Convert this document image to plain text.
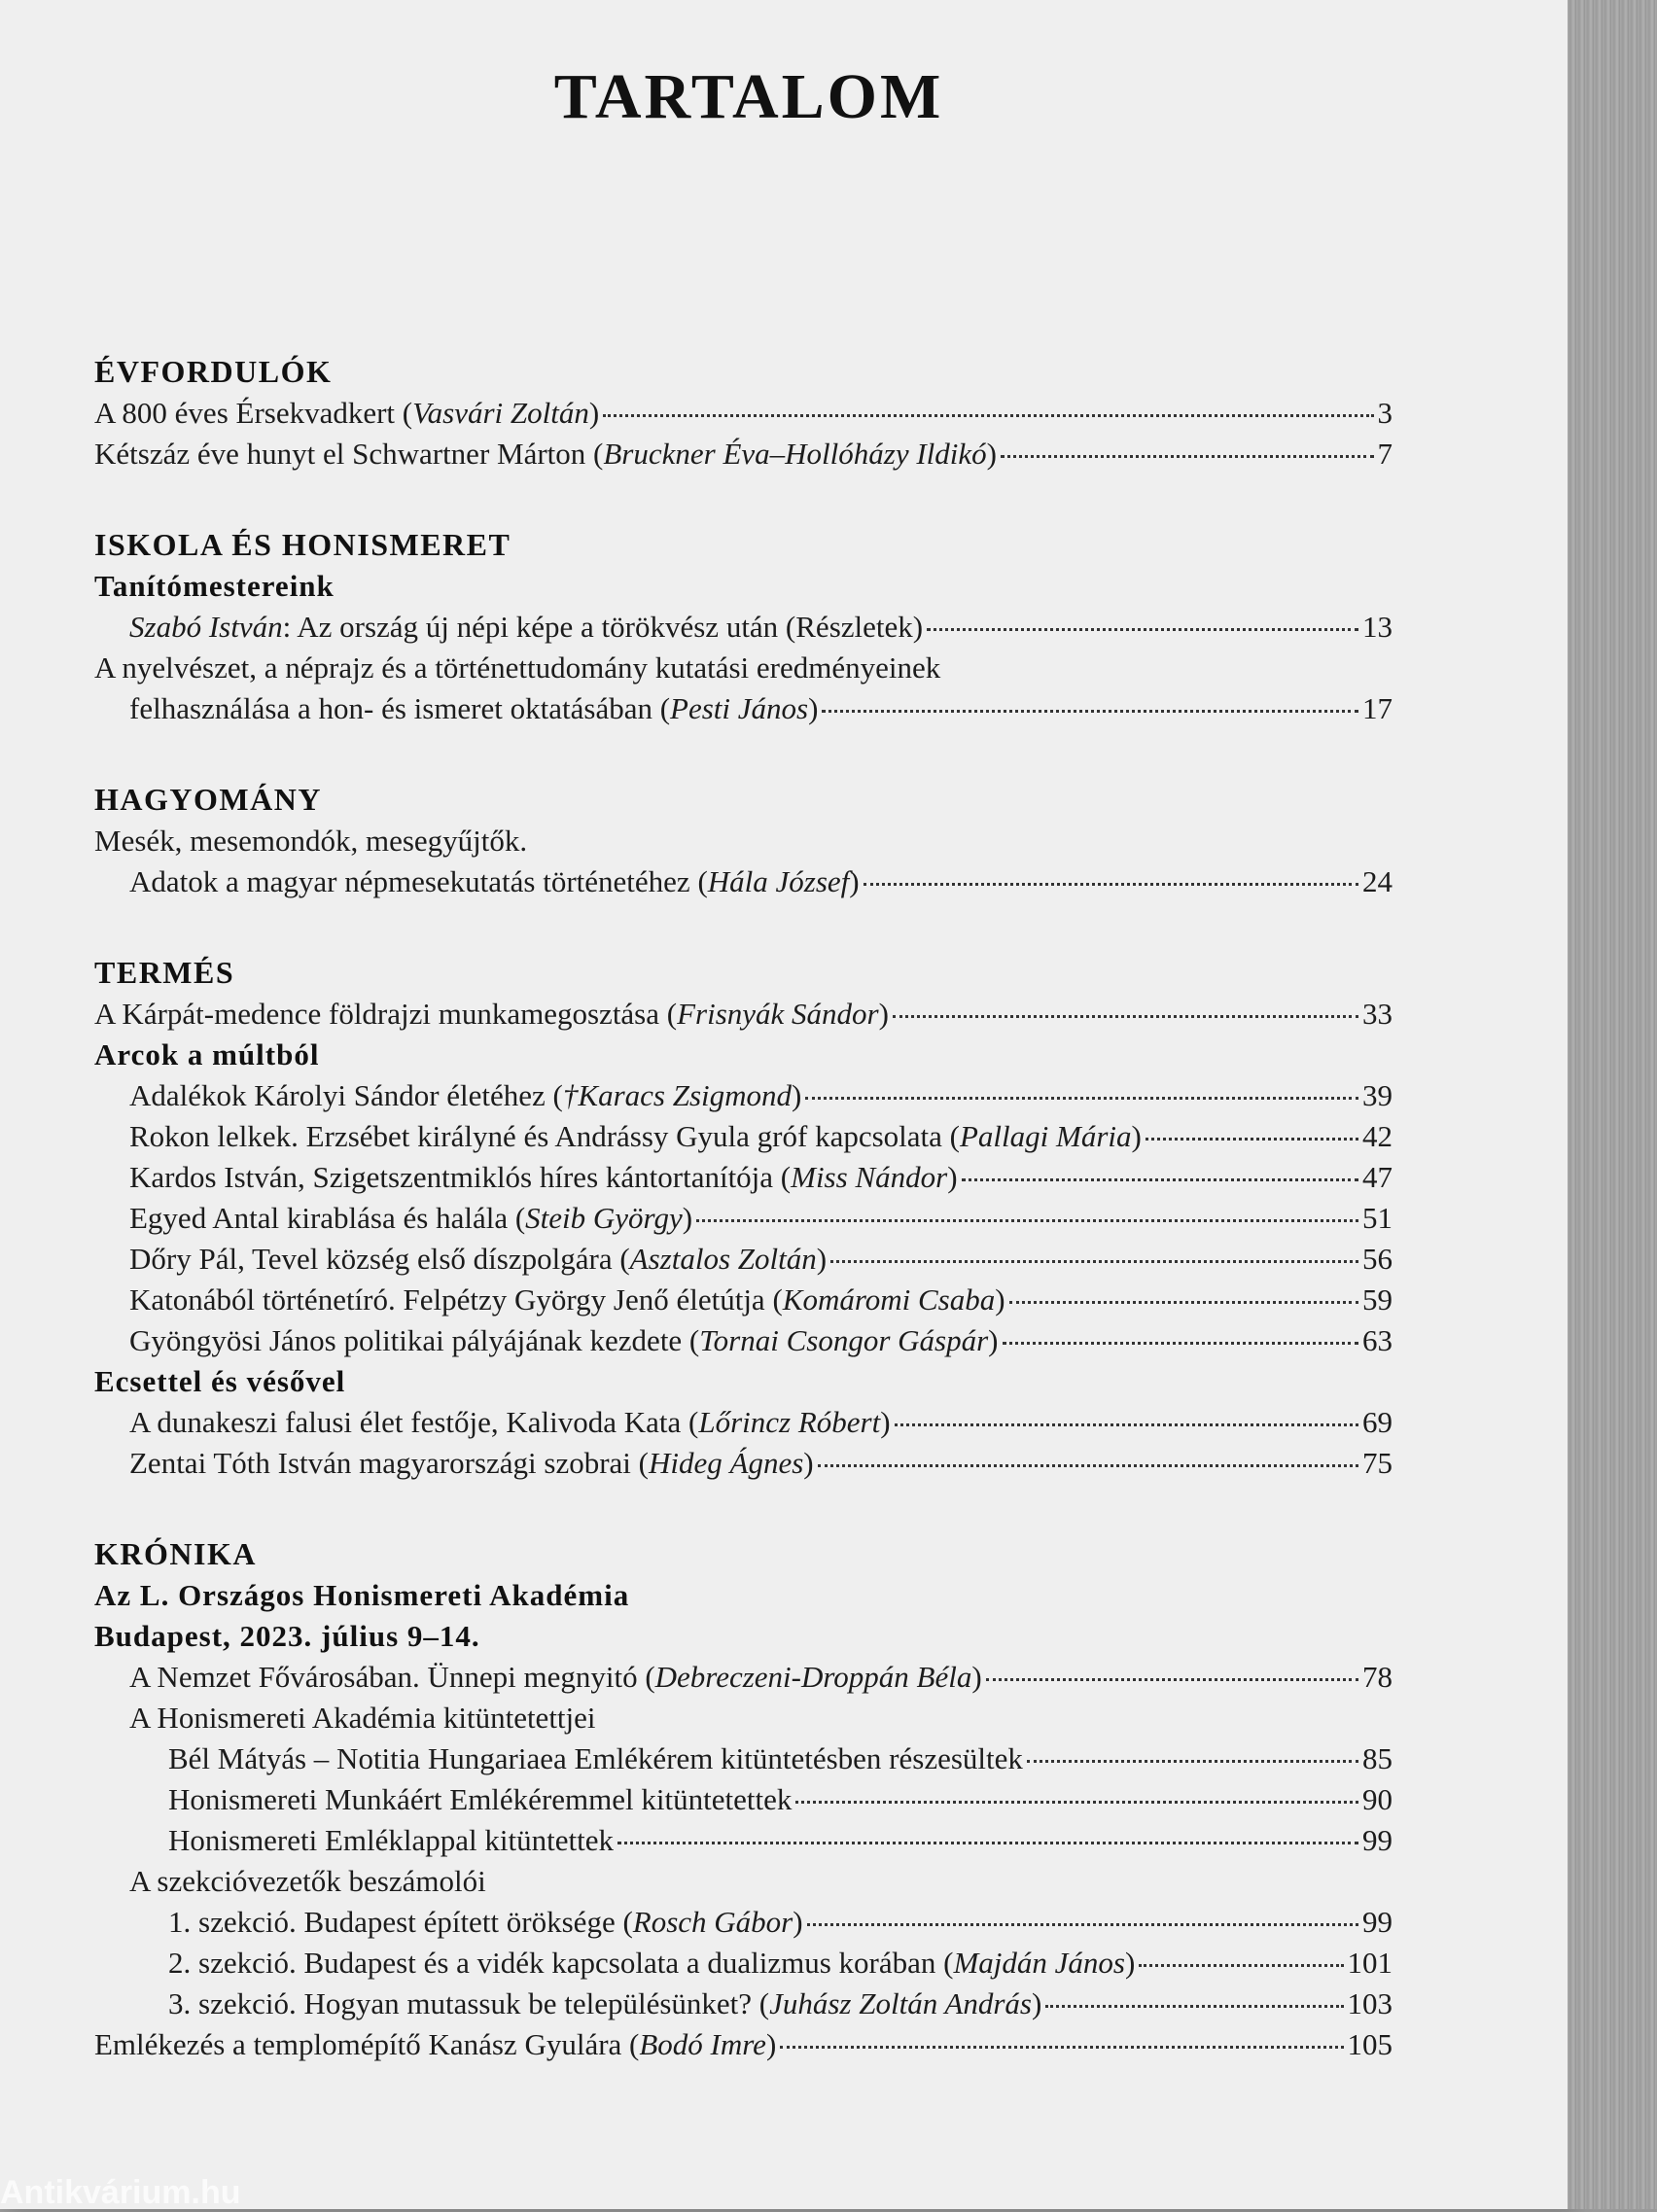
TARTALOM
ÉVFORDULÓK
A 800 éves Érsekvadkert (Vasvári Zoltán)	3
Kétszáz éve hunyt el Schwartner Márton (Bruckner Éva–Hollóházy Ildikó)	7
ISKOLA ÉS HONISMERET
Tanítómestereink
Szabó István: Az ország új népi képe a törökvész után (Részletek)	13
A nyelvészet, a néprajz és a történettudomány kutatási eredményeinek
felhasználása a hon- és ismeret oktatásában (Pesti János)	17
HAGYOMÁNY
Mesék, mesemondók, mesegyűjtők.
Adatok a magyar népmesekutatás történetéhez (Hála József)	24
TERMÉS
A Kárpát-medence földrajzi munkamegosztása (Frisnyák Sándor)	33
Arcok a múltból
Adalékok Károlyi Sándor életéhez (†Karacs Zsigmond)	39
Rokon lelkek. Erzsébet királyné és Andrássy Gyula gróf kapcsolata (Pallagi Mária)	42
Kardos István, Szigetszentmiklós híres kántortanítója (Miss Nándor)	47
Egyed Antal kirablása és halála (Steib György)	51
Dőry Pál, Tevel község első díszpolgára (Asztalos Zoltán)	56
Katonából történetíró. Felpétzy György Jenő életútja (Komáromi Csaba)	59
Gyöngyösi János politikai pályájának kezdete (Tornai Csongor Gáspár)	63
Ecsettel és vésővel
A dunakeszi falusi élet festője, Kalivoda Kata (Lőrincz Róbert)	69
Zentai Tóth István magyarországi szobrai (Hideg Ágnes)	75
KRÓNIKA
Az L. Országos Honismereti Akadémia
Budapest, 2023. július 9–14.
A Nemzet Fővárosában. Ünnepi megnyitó (Debreczeni-Droppán Béla)	78
A Honismereti Akadémia kitüntetettjei
Bél Mátyás – Notitia Hungariaea Emlékérem kitüntetésben részesültek	85
Honismereti Munkáért Emlékéremmel kitüntetettek	90
Honismereti Emléklappal kitüntettek	99
A szekcióvezetők beszámolói
1. szekció. Budapest épített öröksége (Rosch Gábor)	99
2. szekció. Budapest és a vidék kapcsolata a dualizmus korában (Majdán János)	101
3. szekció. Hogyan mutassuk be településünket? (Juhász Zoltán András)	103
Emlékezés a templomépítő Kanász Gyulára (Bodó Imre)	105
Antikvárium.hu
